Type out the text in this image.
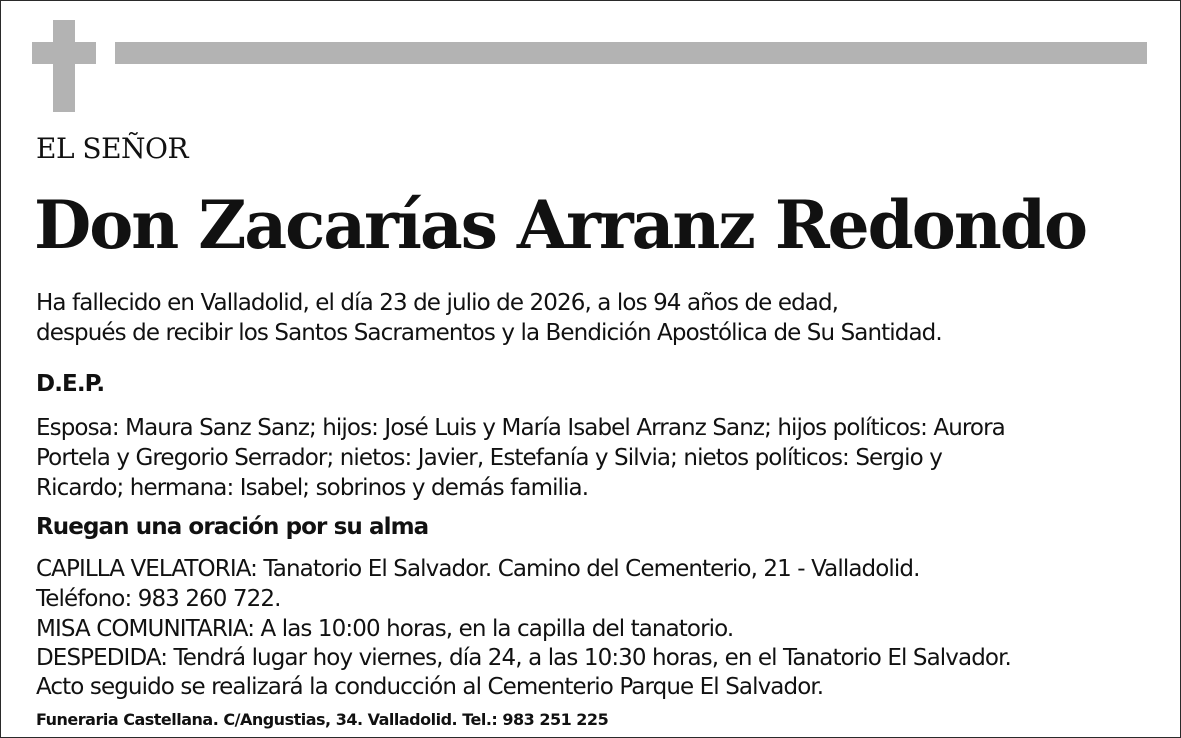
EL SEÑOR
Don Zacarías Arranz Redondo
Ha fallecido en Valladolid, el día 23 de julio de 2026, a los 94 años de edad,
después de recibir los Santos Sacramentos y la Bendición Apostólica de Su Santidad.
D.E.P.
Esposa: Maura Sanz Sanz; hijos: José Luis y María Isabel Arranz Sanz; hijos políticos: Aurora
Portela y Gregorio Serrador; nietos: Javier, Estefanía y Silvia; nietos políticos: Sergio y
Ricardo; hermana: Isabel; sobrinos y demás familia.
Ruegan una oración por su alma
CAPILLA VELATORIA: Tanatorio El Salvador. Camino del Cementerio, 21 - Valladolid.
Teléfono: 983 260 722.
MISA COMUNITARIA: A las 10:00 horas, en la capilla del tanatorio.
DESPEDIDA: Tendrá lugar hoy viernes, día 24, a las 10:30 horas, en el Tanatorio El Salvador.
Acto seguido se realizará la conducción al Cementerio Parque El Salvador.
Funeraria Castellana. C/Angustias, 34. Valladolid. Tel.: 983 251 225
